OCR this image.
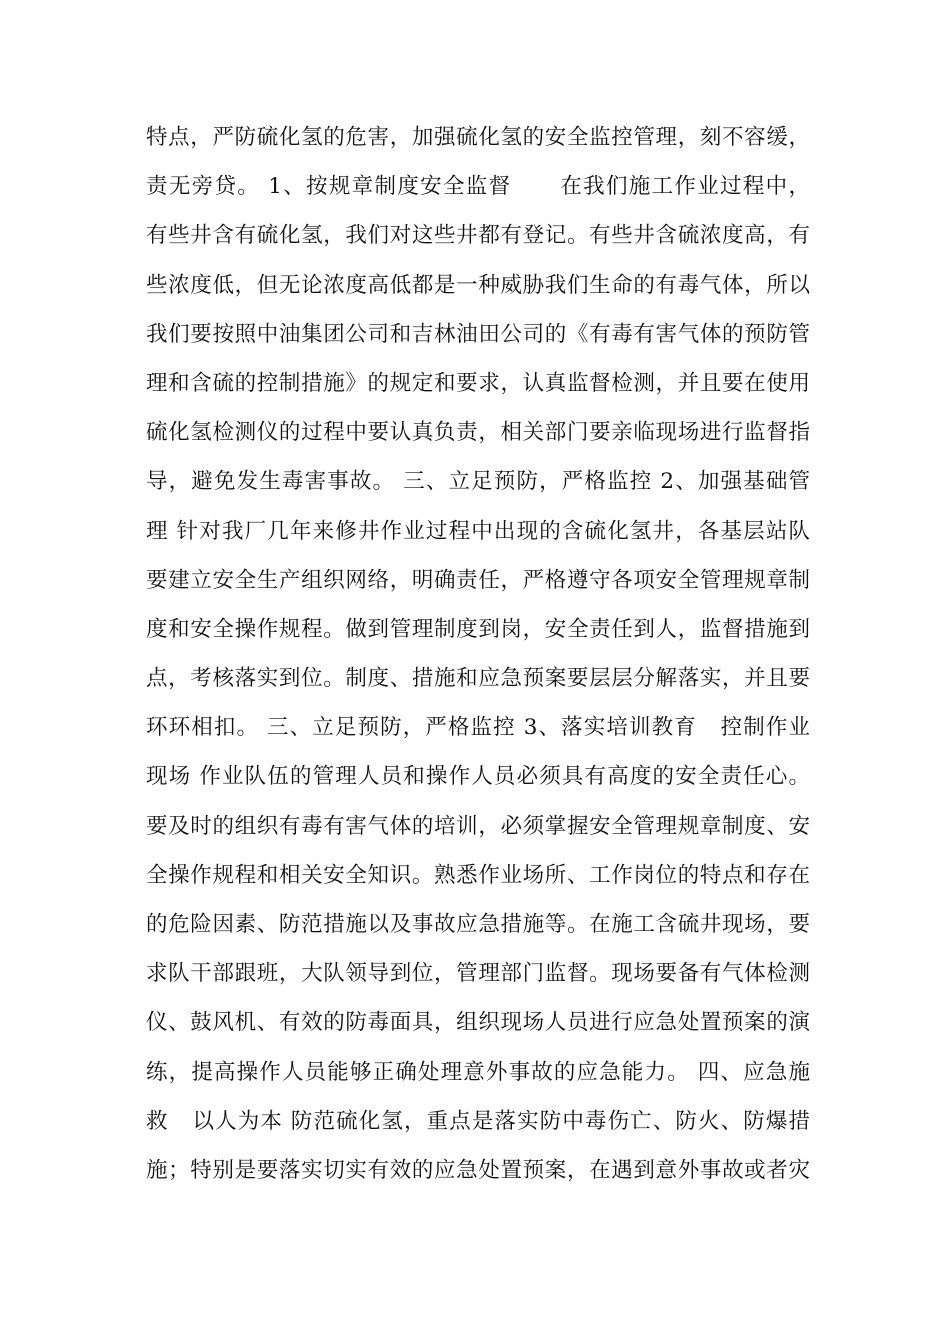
特点，严防硫化氢的危害，加强硫化氢的安全监控管理，刻不容缓，
责无旁贷。 1、按规章制度安全监督      在我们施工作业过程中，
有些井含有硫化氢，我们对这些井都有登记。有些井含硫浓度高，有
些浓度低，但无论浓度高低都是一种威胁我们生命的有毒气体，所以
我们要按照中油集团公司和吉林油田公司的《有毒有害气体的预防管
理和含硫的控制措施》的规定和要求，认真监督检测，并且要在使用
硫化氢检测仪的过程中要认真负责，相关部门要亲临现场进行监督指
导，避免发生毒害事故。 三、立足预防，严格监控 2、加强基础管
理 针对我厂几年来修井作业过程中出现的含硫化氢井，各基层站队
要建立安全生产组织网络，明确责任，严格遵守各项安全管理规章制
度和安全操作规程。做到管理制度到岗，安全责任到人，监督措施到
点，考核落实到位。制度、措施和应急预案要层层分解落实，并且要
环环相扣。 三、立足预防，严格监控 3、落实培训教育   控制作业
现场 作业队伍的管理人员和操作人员必须具有高度的安全责任心。
要及时的组织有毒有害气体的培训，必须掌握安全管理规章制度、安
全操作规程和相关安全知识。熟悉作业场所、工作岗位的特点和存在
的危险因素、防范措施以及事故应急措施等。在施工含硫井现场，要
求队干部跟班，大队领导到位，管理部门监督。现场要备有气体检测
仪、鼓风机、有效的防毒面具，组织现场人员进行应急处置预案的演
练，提高操作人员能够正确处理意外事故的应急能力。 四、应急施
救   以人为本 防范硫化氢，重点是落实防中毒伤亡、防火、防爆措
施；特别是要落实切实有效的应急处置预案，在遇到意外事故或者灾
